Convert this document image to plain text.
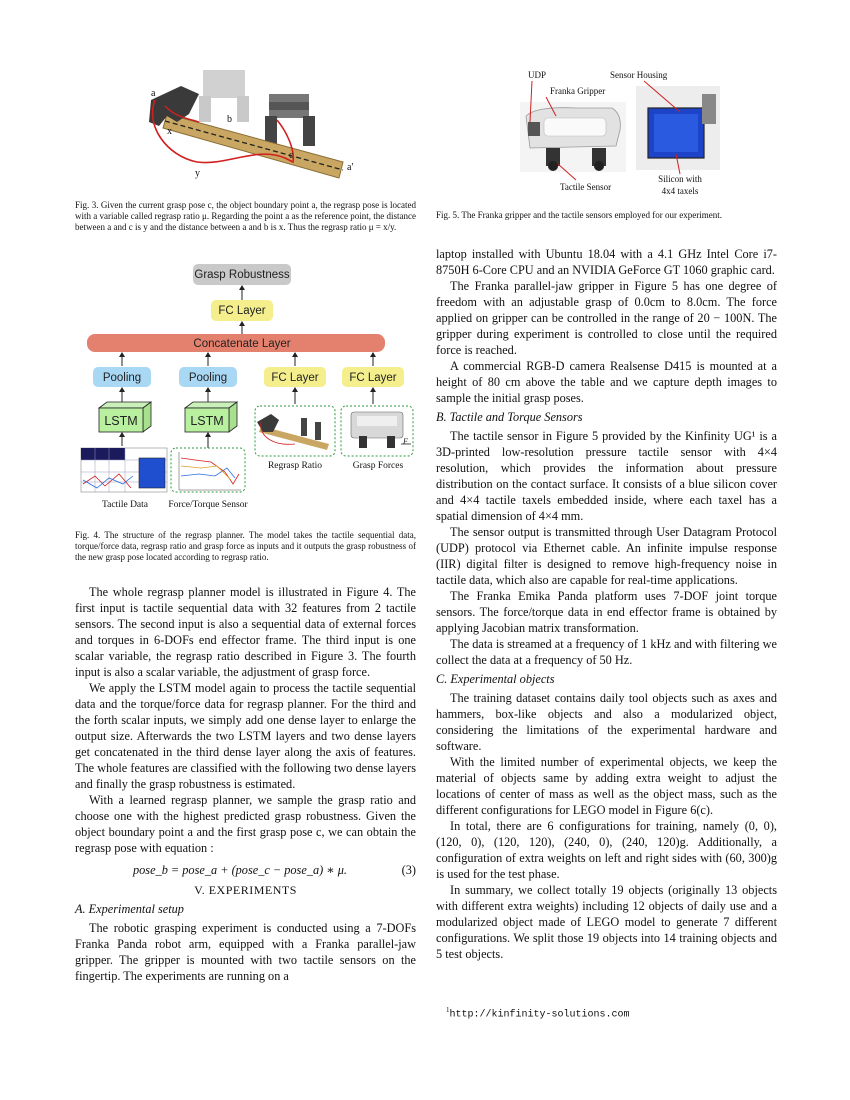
a
x
b
c
y
a'
Fig. 3. Given the current grasp pose c, the object boundary point a, the regrasp pose is located with a variable called regrasp ratio μ. Regarding the point a as the reference point, the distance between a and c is y and the distance between a and b is x. Thus the regrasp ratio μ = x/y.
Grasp Robustness
FC Layer
Concatenate Layer
Pooling	Pooling	FC Layer	FC Layer
LSTM	LSTM
Tactile Data Force/Torque Sensor
Regrasp Ratio
F
Grasp Forces
Fig. 4. The structure of the regrasp planner. The model takes the tactile sequential data, torque/force data, regrasp ratio and grasp force as inputs and it outputs the grasp robustness of the new grasp pose located according to regrasp ratio.

The whole regrasp planner model is illustrated in Figure 4. The first input is tactile sequential data with 32 features from 2 tactile sensors. The second input is also a sequential data of external forces and torques in 6-DOFs end effector frame. The third input is one scalar variable, the regrasp ratio described in Figure 3. The fourth input is also a scalar variable, the adjustment of grasp force.

We apply the LSTM model again to process the tactile sequential data and the torque/force data for regrasp planner. For the third and the forth scalar inputs, we simply add one dense layer to enlarge the output size. Afterwards the two LSTM layers and two dense layers get concatenated in the third dense layer along the axis of features. The whole features are classified with the following two dense layers and finally the grasp robustness is estimated.

With a learned regrasp planner, we sample the grasp ratio and choose one with the highest predicted grasp robustness. Given the object boundary point a and the first grasp pose c, we can obtain the regrasp pose with equation :

pose_b = pose_a + (pose_c − pose_a) ∗ μ.	(3)
V. EXPERIMENTS
A. Experimental setup

The robotic grasping experiment is conducted using a 7-DOFs Franka Panda robot arm, equipped with a Franka parallel-jaw gripper. The gripper is mounted with two tactile sensors on the fingertip. The experiments are running on a

UDP	Sensor Housing
Franka Gripper
Tactile Sensor
Silicon with
4x4 taxels
Fig. 5. The Franka gripper and the tactile sensors employed for our experiment.

laptop installed with Ubuntu 18.04 with a 4.1 GHz Intel Core i7-8750H 6-Core CPU and an NVIDIA GeForce GT 1060 graphic card.

The Franka parallel-jaw gripper in Figure 5 has one degree of freedom with an adjustable grasp of 0.0cm to 8.0cm. The force applied on gripper can be controlled in the range of 20 − 100N. The gripper during experiment is controlled to close until the required force is reached.

A commercial RGB-D camera Realsense D415 is mounted at a height of 80 cm above the table and we capture depth images to sample the initial grasp poses.

B. Tactile and Torque Sensors

The tactile sensor in Figure 5 provided by the Kinfinity UG¹ is a 3D-printed low-resolution pressure tactile sensor with 4×4 resolution, which provides the information about pressure distribution on the contact surface. It consists of a blue silicon cover and 4×4 tactile taxels embedded inside, where each taxel has a spatial dimension of 4×4 mm.

The sensor output is transmitted through User Datagram Protocol (UDP) protocol via Ethernet cable. An infinite impulse response (IIR) digital filter is designed to remove high-frequency noise in tactile data, which also are capable for real-time applications.

The Franka Emika Panda platform uses 7-DOF joint torque sensors. The force/torque data in end effector frame is obtained by applying Jacobian matrix transformation.

The data is streamed at a frequency of 1 kHz and with filtering we collect the data at a frequency of 50 Hz.

C. Experimental objects

The training dataset contains daily tool objects such as axes and hammers, box-like objects and also a modularized object, considering the limitations of the experimental hardware and software.

With the limited number of experimental objects, we keep the material of objects same by adding extra weight to adjust the locations of center of mass as well as the object mass, such as the different configurations for LEGO model in Figure 6(c).

In total, there are 6 configurations for training, namely (0, 0), (120, 0), (120, 120), (240, 0), (240, 120)g. Additionally, a configuration of extra weights on left and right sides with (60, 300)g is used for the test phase.

In summary, we collect totally 19 objects (originally 13 objects with different extra weights) including 12 objects of daily use and a modularized object made of LEGO model to generate 7 different configurations. We split those 19 objects into 14 training objects and 5 test objects.

$^1$http://kinfinity-solutions.com
